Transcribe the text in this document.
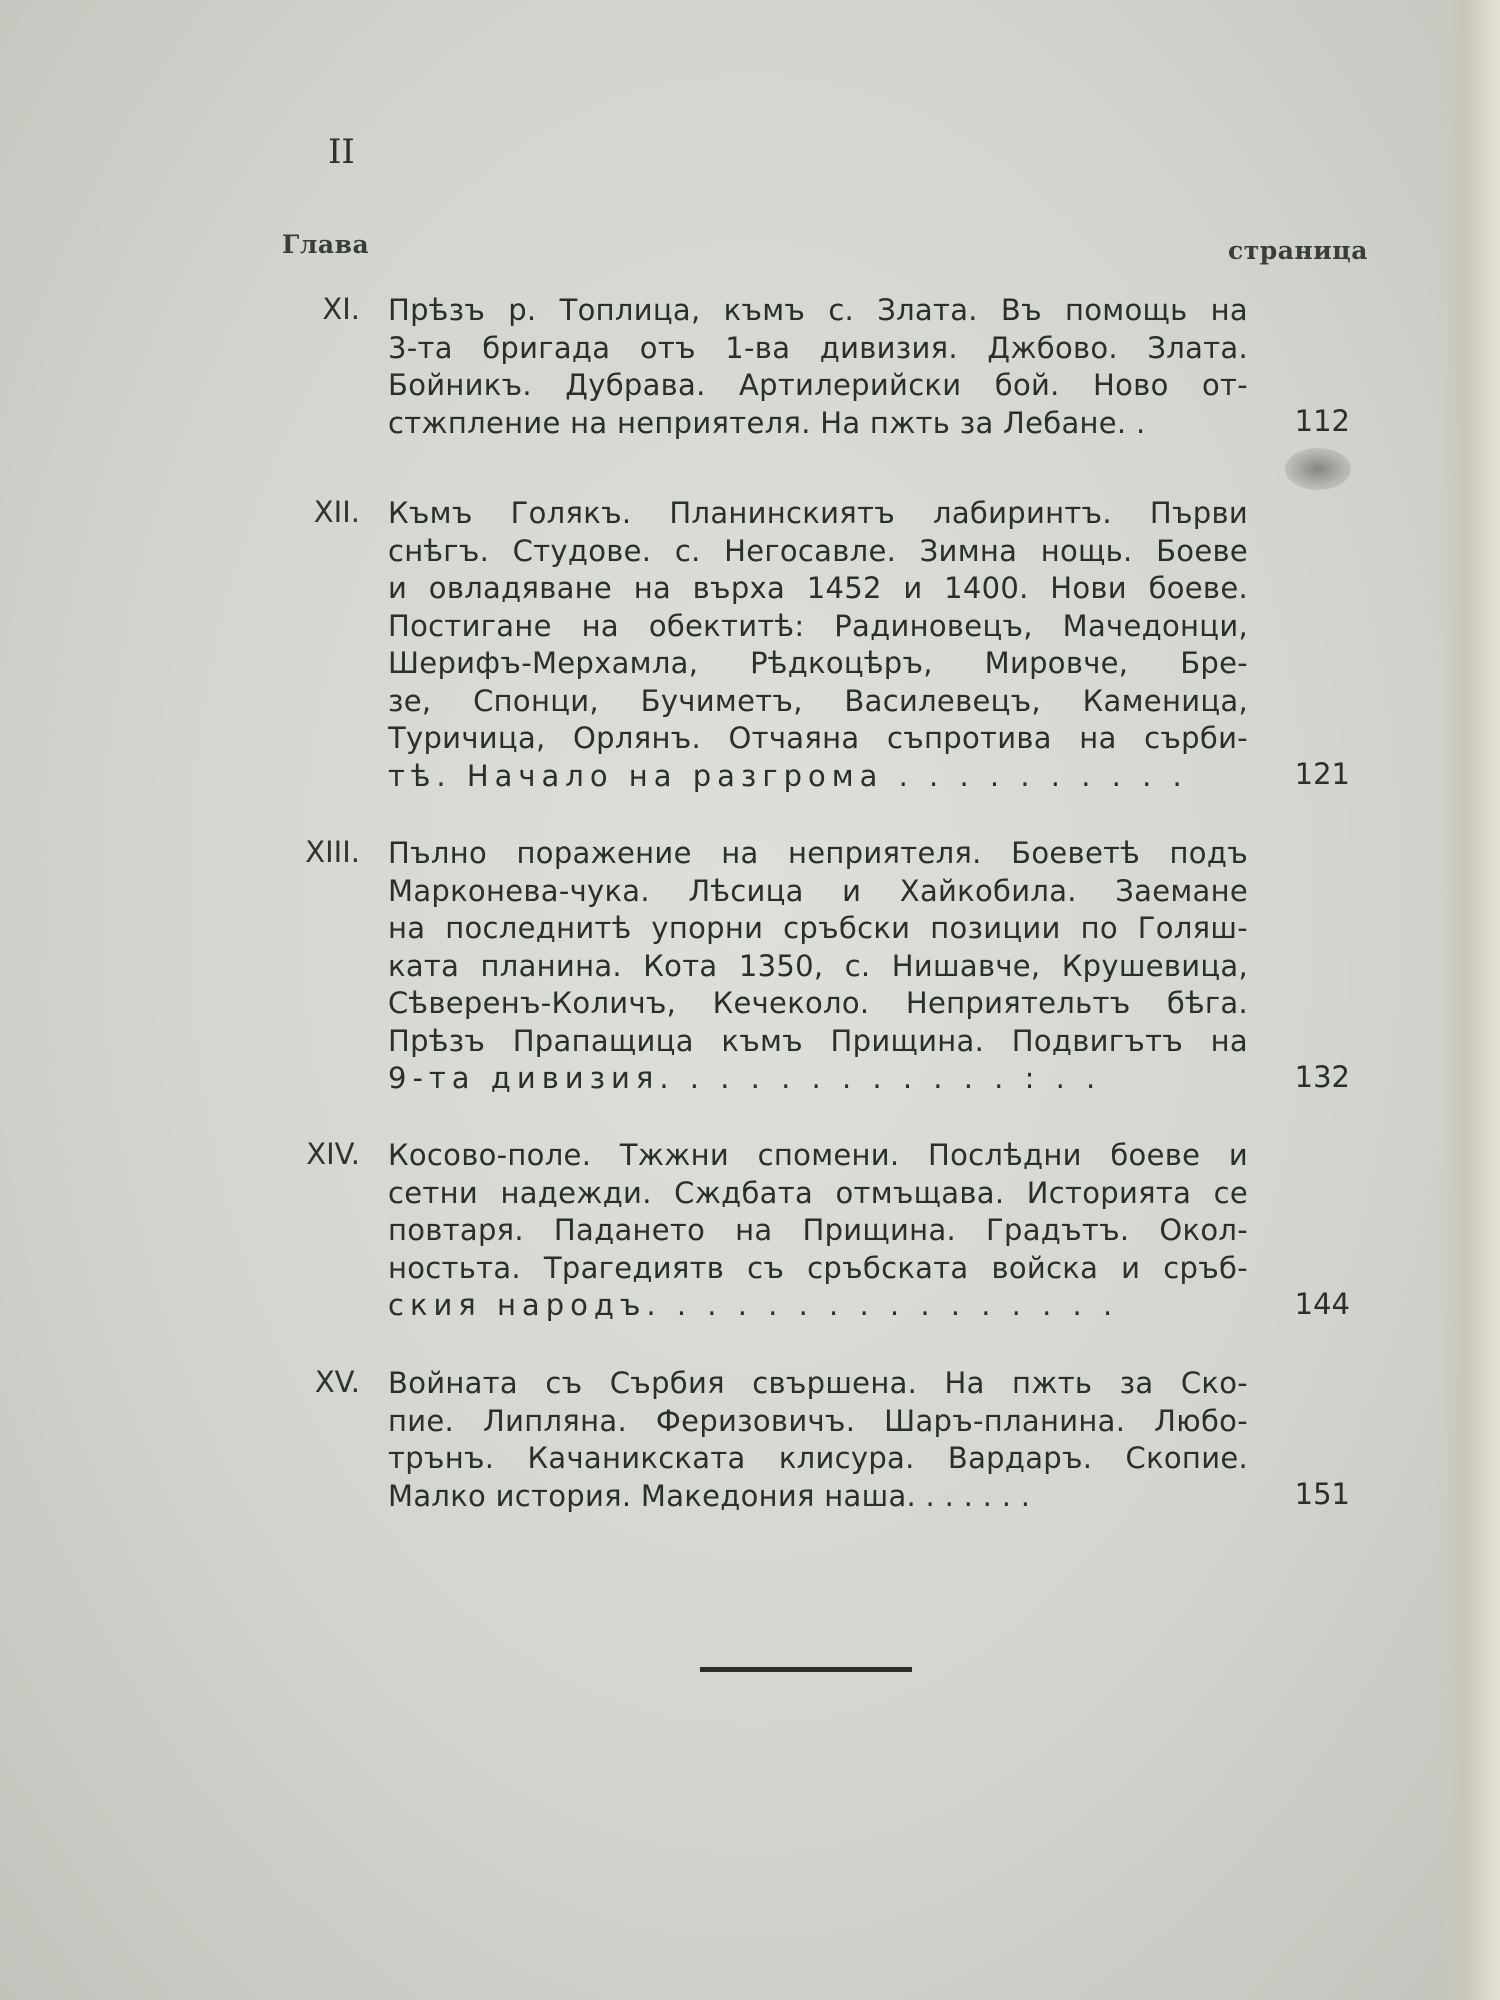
II
Глава	страница
XI. Прѣзъ р. Топлица, къмъ с. Злата. Въ помощь на
3-та бригада отъ 1-ва дивизия. Джбово. Злата.
Бойникъ. Дубрава. Артилерийски бой. Ново от-
стжпление на неприятеля. На пжть за Лебане. .	112
XII. Къмъ Голякъ. Планинскиятъ лабиринтъ. Първи
снѣгъ. Студове. с. Негосавле. Зимна нощь. Боеве
и овладяване на върха 1452 и 1400. Нови боеве.
Постигане на обектитѣ: Радиновецъ, Мачедонци,
Шерифъ-Мерхамла, Рѣдкоцѣръ, Мировче, Бре-
зе, Спонци, Бучиметъ, Василевецъ, Каменица,
Туричица, Орлянъ. Отчаяна съпротива на сърби-
тѣ. Начало на разгрома . . . . . . . . . .	121
XIII. Пълно поражение на неприятеля. Боеветѣ подъ
Марконева-чука. Лѣсица и Хайкобила. Заемане
на последнитѣ упорни сръбски позиции по Голяш-
ката планина. Кота 1350, с. Нишавче, Крушевица,
Сѣверенъ-Количъ, Кечеколо. Неприятельтъ бѣга.
Прѣзъ Прапащица къмъ Прищина. Подвигътъ на
9-та дивизия. . . . . . . . . . . . : . .	132
XIV. Косово-поле. Тжжни спомени. Послѣдни боеве и
сетни надежди. Сждбата отмъщава. Историята се
повтаря. Падането на Прищина. Градътъ. Окол-
ностьта. Трагедиятв съ сръбската войска и сръб-
ския народъ. . . . . . . . . . . . . . . .	144
XV. Войната съ Сърбия свършена. На пжть за Ско-
пие. Липляна. Феризовичъ. Шаръ-планина. Любо-
трънъ. Качаникската клисура. Вардаръ. Скопие.
Малко история. Македония наша. . . . . . .	151
